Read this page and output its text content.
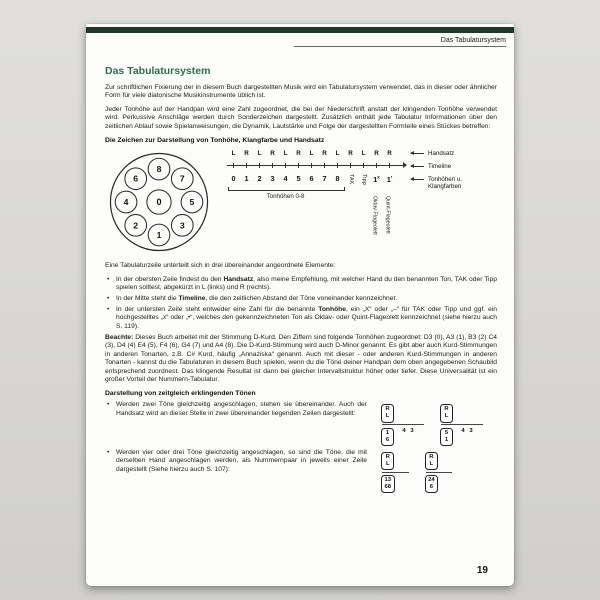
Das Tabulatursystem
Das Tabulatursystem

Zur schriftlichen Fixierung der in diesem Buch dargestellten Musik wird ein Tabulatursystem verwendet, das in dieser oder ähnlicher Form für viele diatonische Musikinstrumente üblich ist.

Jeder Tonhöhe auf der Handpan wird eine Zahl zugeordnet, die bei der Niederschrift anstatt der klingenden Tonhöhe verwendet wird. Perkussive Anschläge werden durch Sonderzeichen dargestellt. Zusätzlich enthält jede Tabulatur Informationen über den zeitlichen Ablauf sowie Spielanweisungen, die Dynamik, Lautstärke und Folge der dargestellten Formteile eines Stückes betreffen:

Die Zeichen zur Darstellung von Tonhöhe, Klangfarbe und Handsatz
8
7
5
3
1
2
4
6
0
L	R	L	R	L	R	L	R	L	R	L	R	R
0	1	2	3	4	5	6	7	8	TAK	Tipp 1$^x$ 1•
Tonhöhen 0-8	Oktav-Flageolett Quint-Flageolett
Handsatz
Timeline
Tonhöhen u.
Klangfarben

Eine Tabulaturzeile unterteilt sich in drei übereinander angeordnete Elemente:

• In der obersten Zeile findest du den Handsatz, also meine Empfehlung, mit welcher Hand du den benannten Ton, TAK oder Tipp spielen solltest, abgekürzt in L (links) und R (rechts).
• In der Mitte steht die Timeline, die den zeitlichen Abstand der Töne voneinander kennzeichnet.
• In der untersten Zeile steht entweder eine Zahl für die benannte Tonhöhe, ein „X“ oder „–“ für TAK oder Tipp und ggf. ein hochgestelltes „x“ oder „•“, welches den gekennzeichneten Ton als Oktav- oder Quint-Flageolett kennzeichnet (siehe hierzu auch S. 119).

Beachte: Dieses Buch arbeitet mit der Stimmung D-Kurd. Den Ziffern sind folgende Tonhöhen zugeordnet: D3 (0), A3 (1), B3 (2) C4 (3), D4 (4) E4 (5), F4 (6), G4 (7) und A4 (8). Die D-Kurd-Stimmung wird auch D-Minor genannt. Es gibt aber auch Kurd-Stimmungen in anderen Tonarten, z.B. C# Kurd, häufig „Annaziska“ genannt. Auch mit dieser - oder anderen Kurd-Stimmungen in anderen Tonarten - kannst du die Tabulaturen in diesem Buch spielen, wenn du die Töne deiner Handpan dem oben angegebenen Schaubild entsprechend zuordnest. Das klingende Resultat ist dann bei gleicher Intervallstruktur höher oder tiefer. Diese Universalität ist ein großer Vorteil der Nummern-Tabulatur.

Darstellung von zeitgleich erklingenden Tönen
• Werden zwei Töne gleichzeitig angeschlagen, stehen sie übereinander. Auch der Handsatz wird an dieser Stelle in zwei übereinander liegenden Zeilen dargestellt:
R
L
1
6
4 3
R
L
5
1
4 3
• Werden vier oder drei Töne gleichzeitig angeschlagen, so sind die Töne, die mit derselben Hand angeschlagen werden, als Nummernpaar in jeweils einer Zeile dargestellt (Siehe hierzu auch S. 107):
R
L
13
68
R
L
24
6
19
